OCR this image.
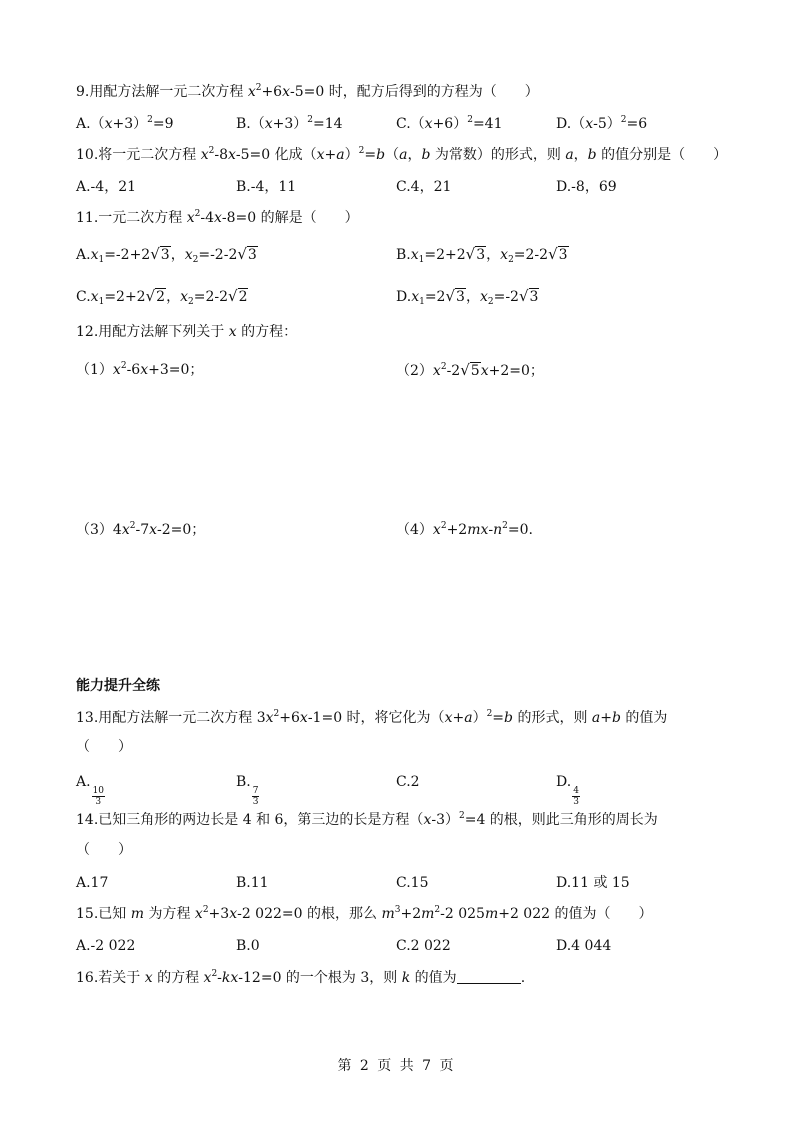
9.用配方法解一元二次方程 $x^2+6x-5=0$ 时，配方后得到的方程为（　　）
$A.(x+3)^2=9$	$B.(x+3)^2=14$	$C.(x+6)^2=41$	$D.(x-5)^2=6$
10.将一元二次方程 $x^2-8x-5=0$ 化成$(x+a)^2=b(a$，b 为常数）的形式，则 a，b 的值分别是（　　）
A.-4，21	B.-4，11	C.4，21	D.-8，69
11.一元二次方程 $x^2-4x-8=0$ 的解是（　　）
$A.x_1=-2+2√3$，$x_2=-2-2√3$	$B.x_1=2+2√3$，$x_2=2-2√3$
$C.x_1=2+2√2$，$x_2=2-2√2$	$D.x_1=2√3$，$x_2=-2√3$
12.用配方法解下列关于 x 的方程：
$(1)x^2-6x+3=0$；	$(2)x^2-2√5x+2=0$；
$(3)4x^2-7x-2=0$；	$(4)x^2+2mx-n^2=0$.
能力提升全练
13.用配方法解一元二次方程 $3x^2+6x-1=0$ 时，将它化为$(x+a)^2=b$ 的形式，则 a+b 的值为
（　　）
A.
$\frac{10}{3}$
B.
$\frac{7}{3}$
C.2	D.
$\frac{4}{3}$
14.已知三角形的两边长是 4 和 6，第三边的长是方程$(x-3)^2=4$ 的根，则此三角形的周长为
（　　）
A.17	B.11	C.15	D.11 或 15
15.已知 m 为方程 $x^2+3x-2$ 022=0 的根，那么 $m^3+2m^2-2$ 025m+2 022 的值为（　　）
A.-2 022	B.0	C.2 022	D.4 044
16.若关于 x 的方程 $x^2-kx-12=0$ 的一个根为 3，则 k 的值为	.
第 2 页 共 7 页
